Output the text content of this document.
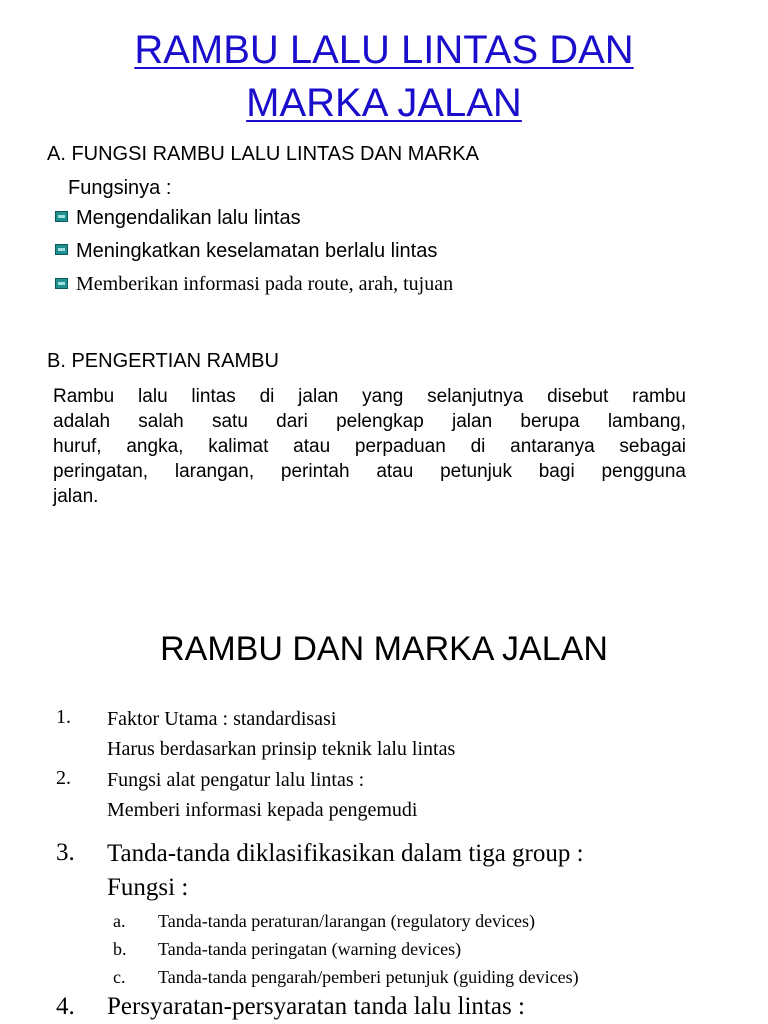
RAMBU LALU LINTAS DAN
MARKA JALAN
A. FUNGSI RAMBU LALU LINTAS DAN MARKA
Fungsinya :
Mengendalikan lalu lintas
Meningkatkan keselamatan berlalu lintas
Memberikan informasi pada route, arah, tujuan
B. PENGERTIAN RAMBU
Rambu lalu lintas di jalan yang selanjutnya disebut rambu
adalah salah satu dari pelengkap jalan berupa lambang,
huruf, angka, kalimat atau perpaduan di antaranya sebagai
peringatan, larangan, perintah atau petunjuk bagi pengguna
jalan.
RAMBU DAN MARKA JALAN
1. Faktor Utama : standardisasi
Harus berdasarkan prinsip teknik lalu lintas
2. Fungsi alat pengatur lalu lintas :
Memberi informasi kepada pengemudi
3. Tanda-tanda diklasifikasikan dalam tiga group :
Fungsi :
a.
b.
c.
Tanda-tanda peraturan/larangan (regulatory devices)
Tanda-tanda peringatan (warning devices)
Tanda-tanda pengarah/pemberi petunjuk (guiding devices)
4. Persyaratan-persyaratan tanda lalu lintas :
